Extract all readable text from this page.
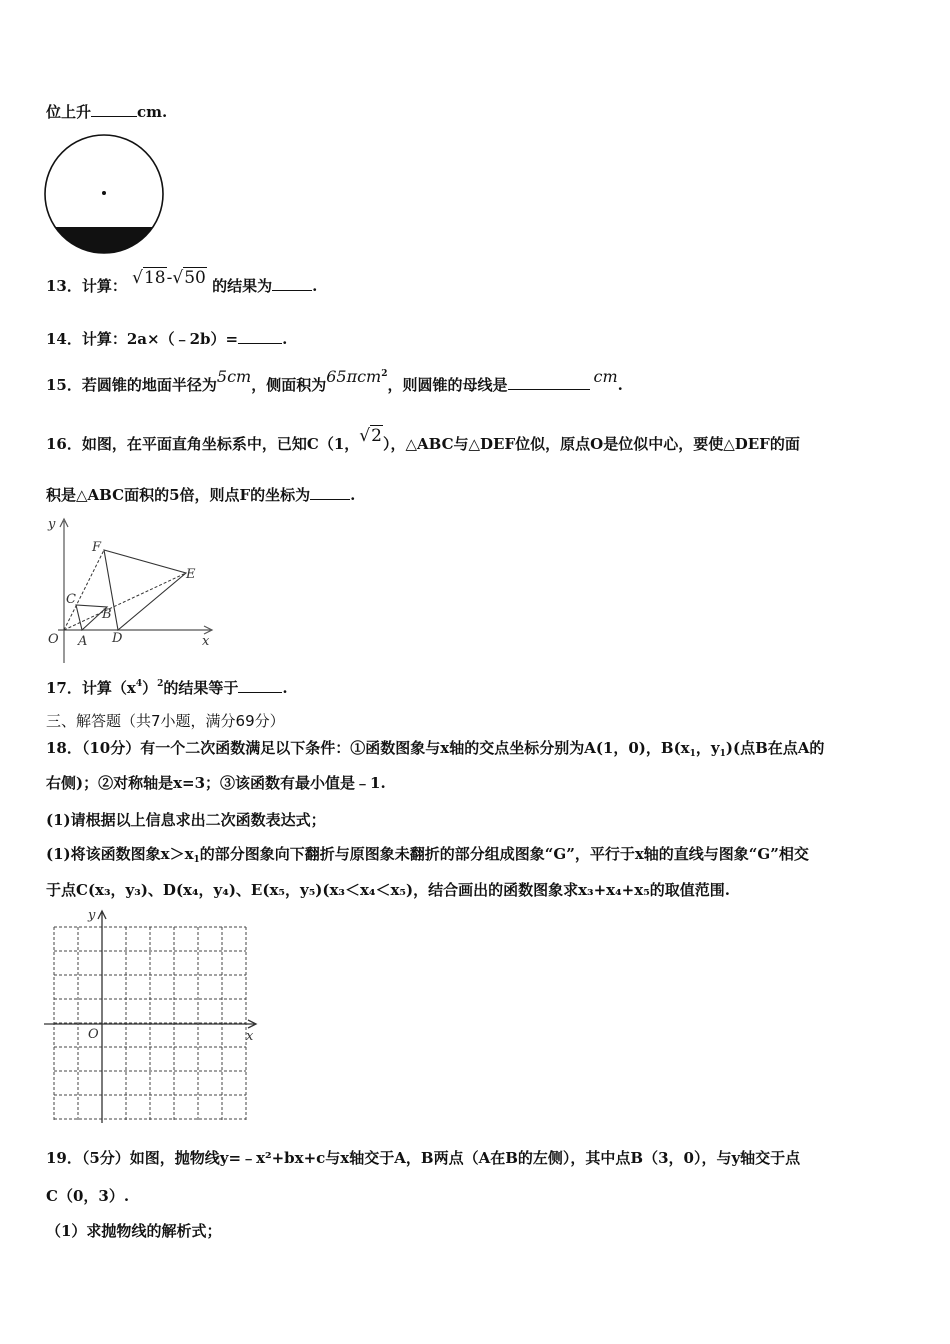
位上升	cm.
13．计算： √18-√50 的结果为	.
14．计算：2a×（﹣2b）=	.
15．若圆锥的地面半径为5cm，侧面积为65πcm$^2$，则圆锥的母线是	cm.
16．如图，在平面直角坐标系中，已知C（1，√2），△ABC与△DEF位似，原点O是位似中心，要使△DEF的面
积是△ABC面积的5倍，则点F的坐标为	.
y
x
O A
B
C
D
E
F
17．计算$(x^4)^2$的结果等于	.
三、解答题（共7小题，满分69分）
18．（10分）有一个二次函数满足以下条件：①函数图象与x轴的交点坐标分别为A(1，0)，$B(x_1$，$y_1$)(点B在点A的
右侧)；②对称轴是x=3；③该函数有最小值是﹣1.
(1)请根据以上信息求出二次函数表达式；
(1)将该函数图象$x>x_1$的部分图象向下翻折与原图象未翻折的部分组成图象“G”，平行于x轴的直线与图象“G”相交
于点C(x₃，y₃)、D(x₄，y₄)、E(x₅，y₅)(x₃＜x₄＜x₅)，结合画出的函数图象求x₃+x₄+x₅的取值范围.
y
x
O
19．（5分）如图，抛物线y=﹣x²+bx+c与x轴交于A，B两点（A在B的左侧），其中点B（3，0），与y轴交于点
C（0，3）.
（1）求抛物线的解析式；
